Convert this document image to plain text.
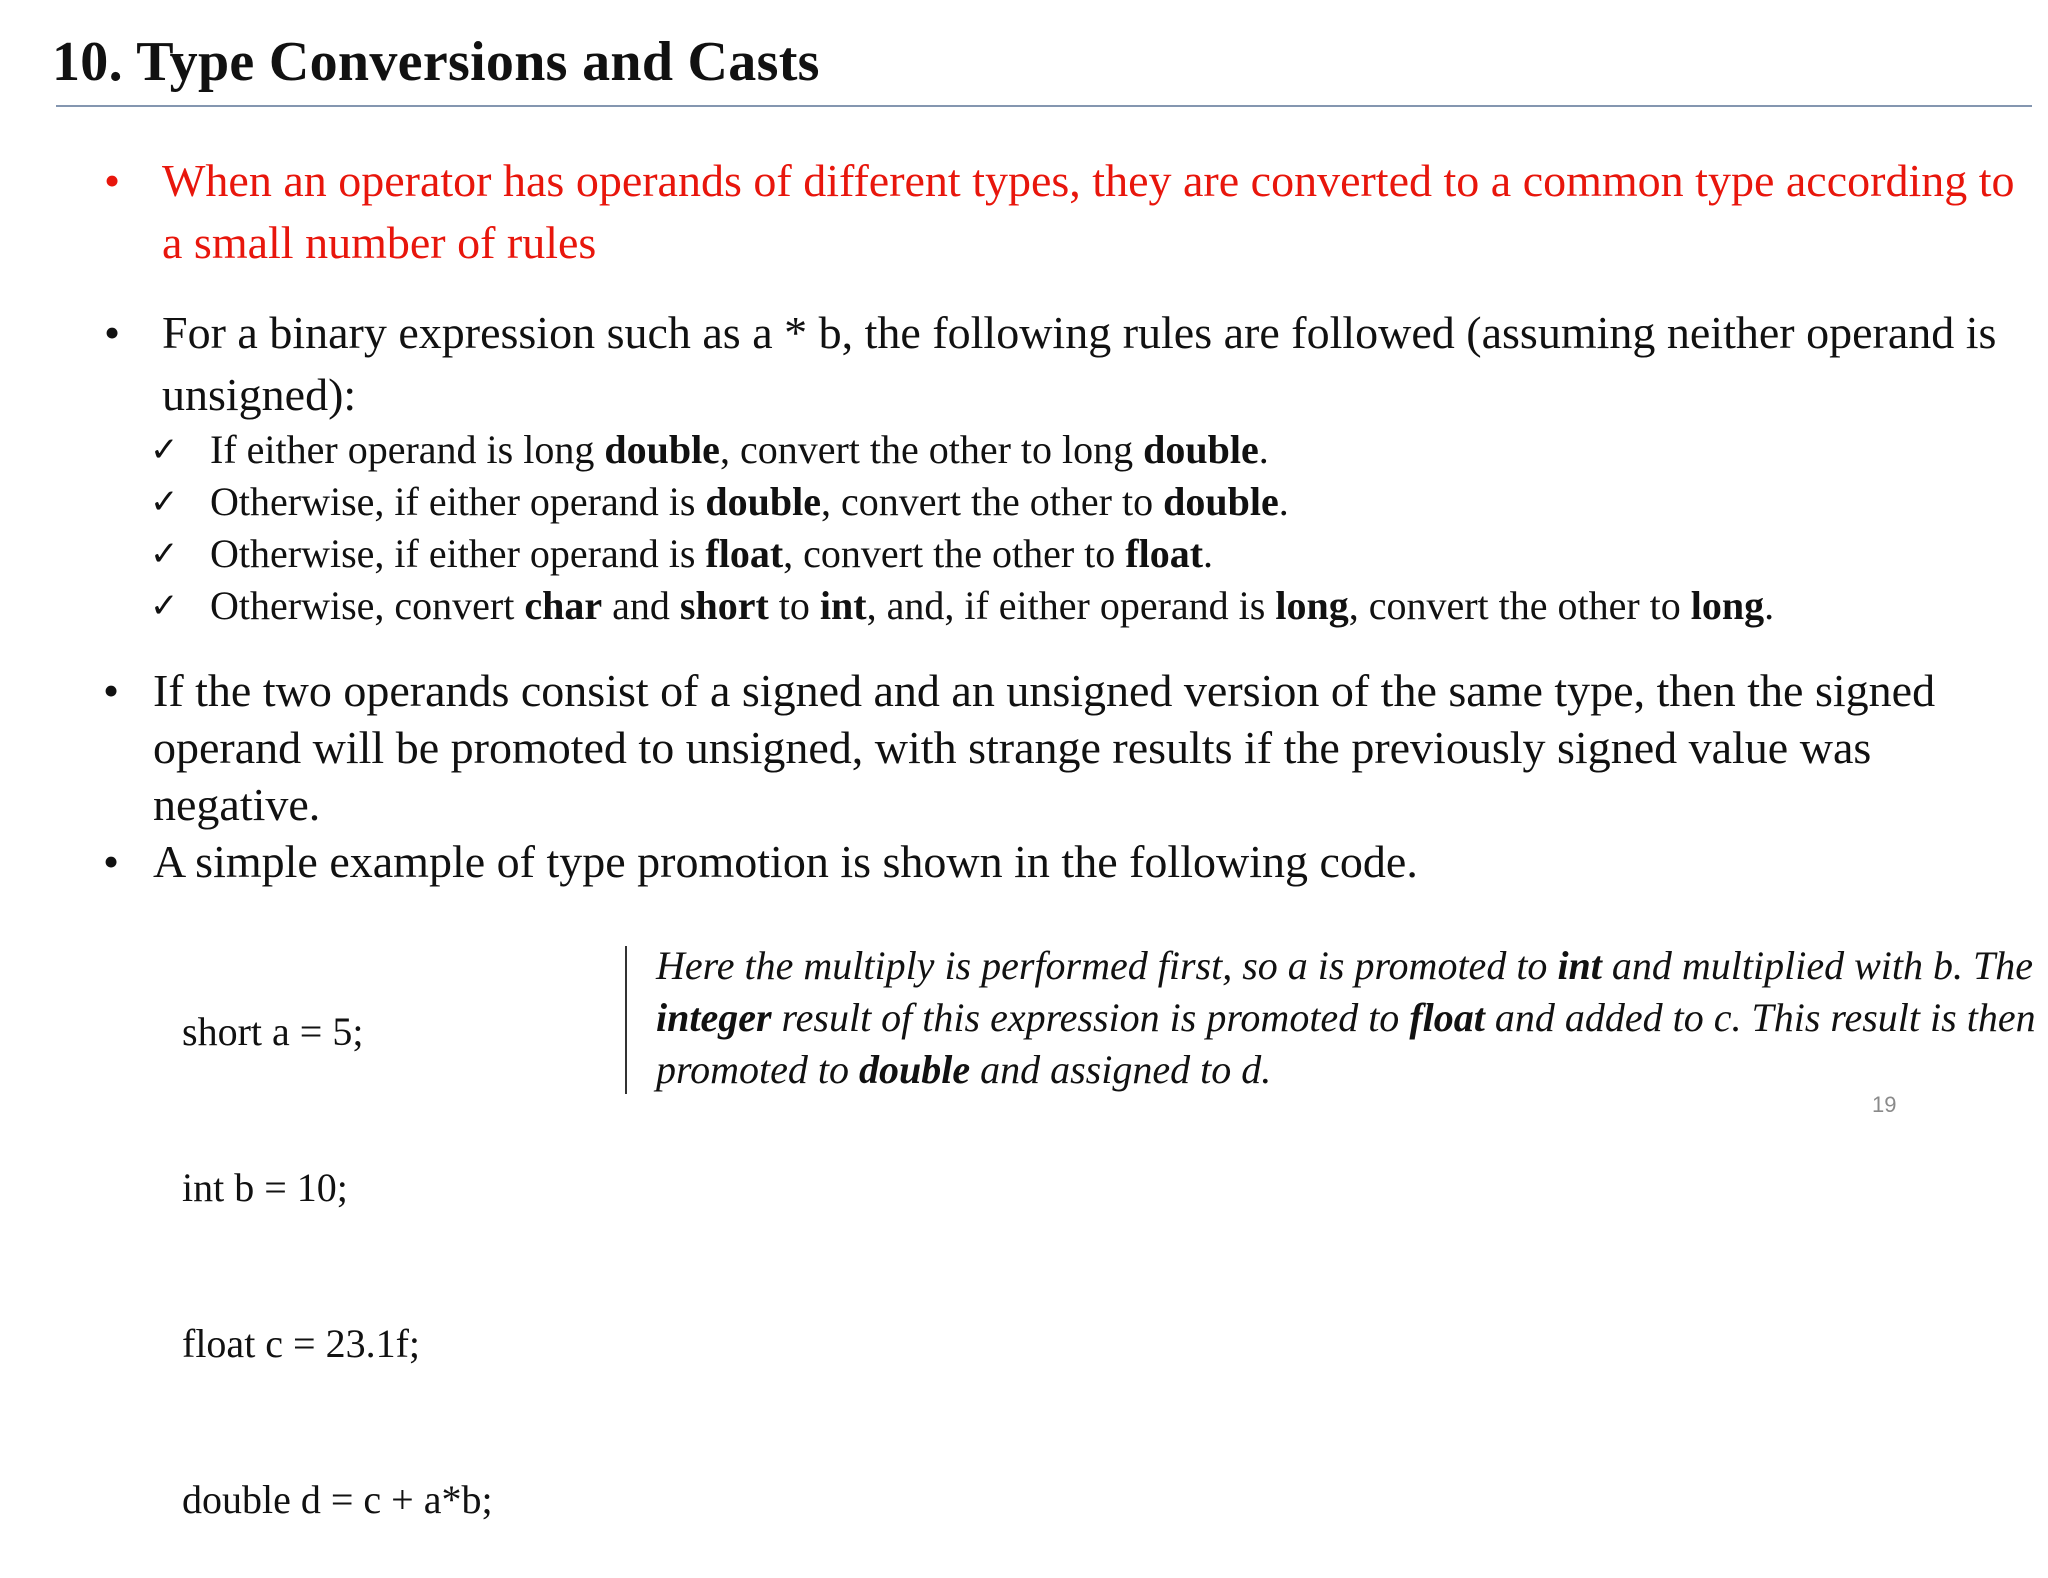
10. Type Conversions and Casts
• When an operator has operands of different types, they are converted to a common type according to a small number of rules
• For a binary expression such as a * b, the following rules are followed (assuming neither operand is unsigned):
✓ If either operand is long double, convert the other to long double.
✓ Otherwise, if either operand is double, convert the other to double.
✓ Otherwise, if either operand is float, convert the other to float.
✓ Otherwise, convert char and short to int, and, if either operand is long, convert the other to long.
• If the two operands consist of a signed and an unsigned version of the same type, then the signed operand will be promoted to unsigned, with strange results if the previously signed value was negative.
• A simple example of type promotion is shown in the following code.

short a = 5;

int b = 10;

float c = 23.1f;

double d = c + a*b;

Here the multiply is performed first, so a is promoted to int and multiplied with b. The integer result of this expression is promoted to float and added to c. This result is then promoted to double and assigned to d.
19
